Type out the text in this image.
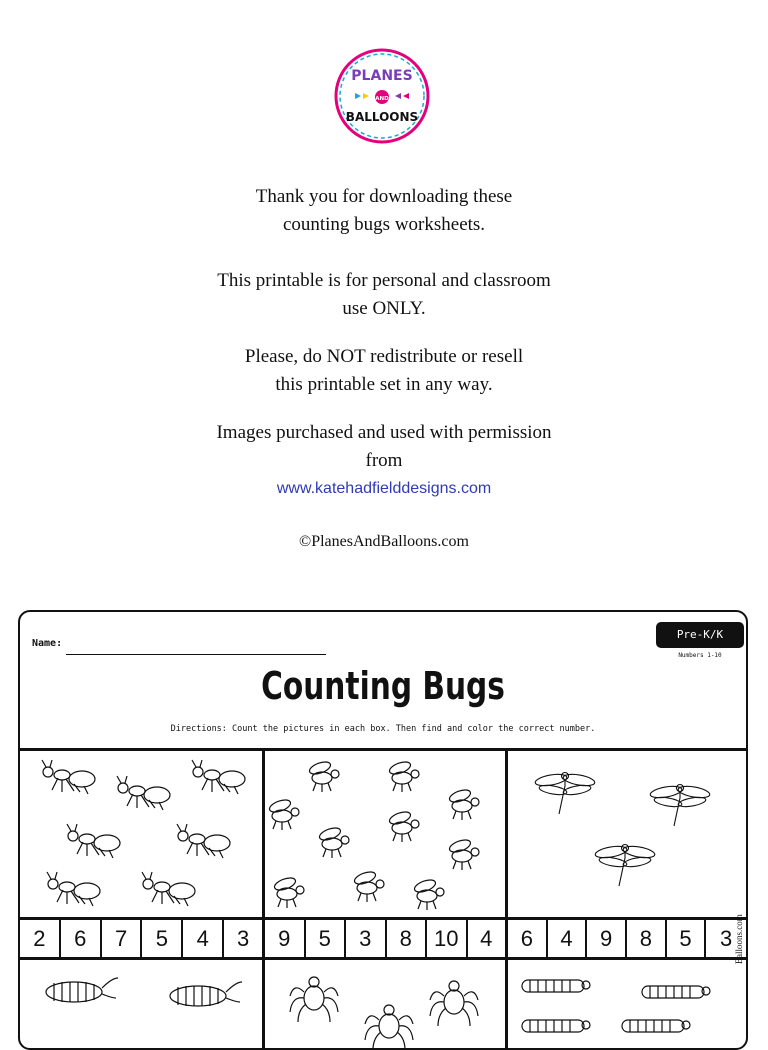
PLANES
AND
BALLOONS
Thank you for downloading these
counting bugs worksheets.
This printable is for personal and classroom
use ONLY.
Please, do NOT redistribute or resell
this printable set in any way.
Images purchased and used with permission
from
www.katehadfielddesigns.com
©PlanesAndBalloons.com
Name:
Pre-K/K
Numbers 1-10
Counting Bugs
Directions: Count the pictures in each box. Then find and color the correct number.
2	6	7	5	4	3	9	5	3	8	10 4	6	4	9	8	5	3 Balloons.com
